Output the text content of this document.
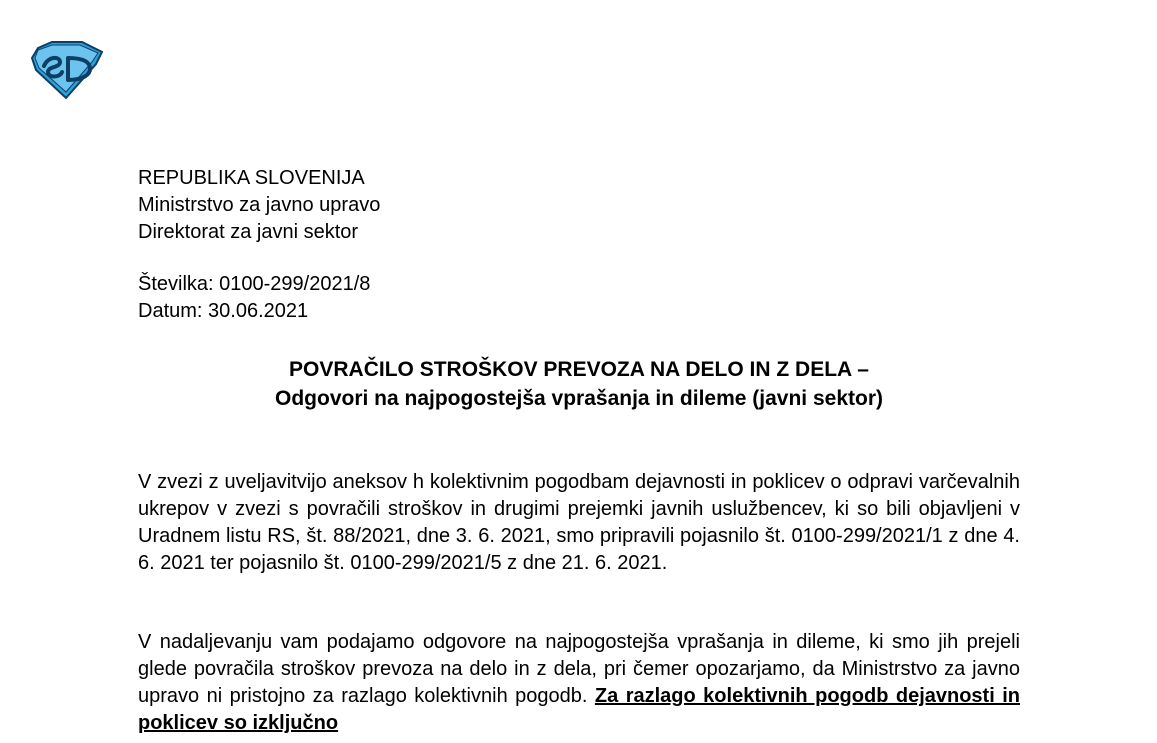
REPUBLIKA SLOVENIJA
Ministrstvo za javno upravo
Direktorat za javni sektor
Številka: 0100-299/2021/8
Datum: 30.06.2021
POVRAČILO STROŠKOV PREVOZA NA DELO IN Z DELA –
Odgovori na najpogostejša vprašanja in dileme (javni sektor)
V zvezi z uveljavitvijo aneksov h kolektivnim pogodbam dejavnosti in poklicev o odpravi varčevalnih ukrepov v zvezi s povračili stroškov in drugimi prejemki javnih uslužbencev, ki so bili objavljeni v Uradnem listu RS, št. 88/2021, dne 3. 6. 2021, smo pripravili pojasnilo št. 0100-299/2021/1 z dne 4. 6. 2021 ter pojasnilo št. 0100-299/2021/5 z dne 21. 6. 2021.
V nadaljevanju vam podajamo odgovore na najpogostejša vprašanja in dileme, ki smo jih prejeli glede povračila stroškov prevoza na delo in z dela, pri čemer opozarjamo, da Ministrstvo za javno upravo ni pristojno za razlago kolektivnih pogodb. Za razlago kolektivnih pogodb dejavnosti in poklicev so izključno
